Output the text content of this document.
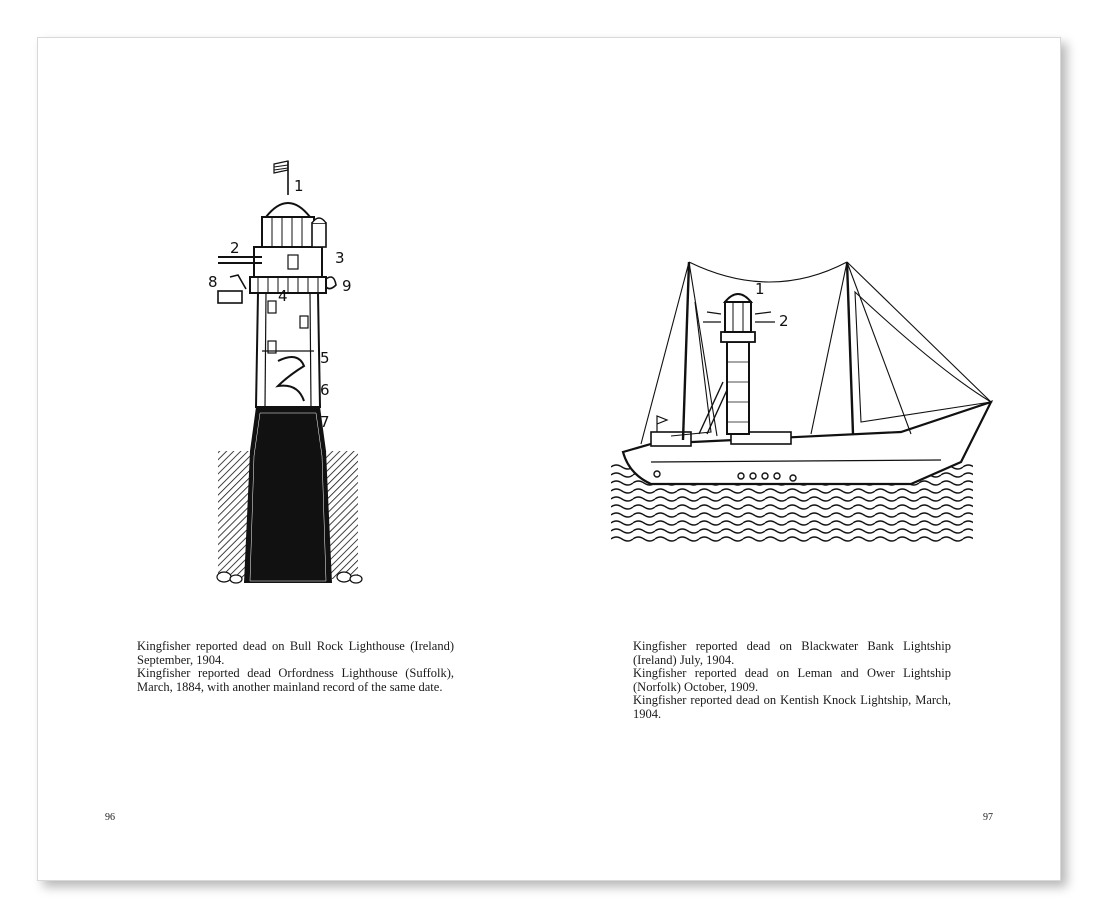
1
2
3
4
5
6
7
8	9

Kingfisher reported dead on Bull Rock Lighthouse (Ireland) September, 1904.

Kingfisher reported dead Orfordness Lighthouse (Suffolk), March, 1884, with another mainland record of the same date.

96
1
2

Kingfisher reported dead on Blackwater Bank Lightship (Ireland) July, 1904.

Kingfisher reported dead on Leman and Ower Lightship (Norfolk) October, 1909.

Kingfisher reported dead on Kentish Knock Lightship, March, 1904.

97
